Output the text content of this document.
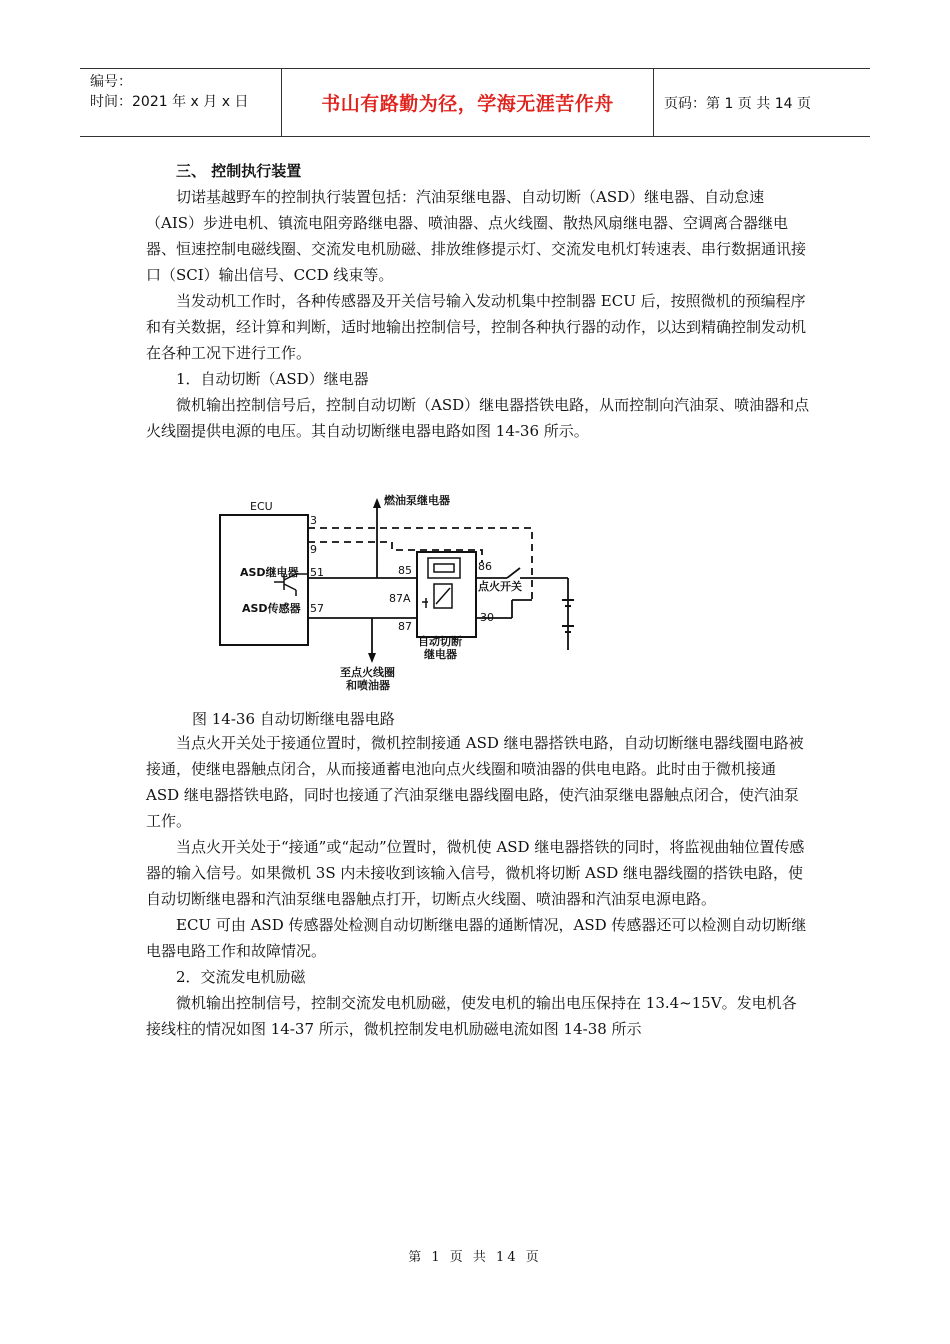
编号：
时间：2021 年 x 月 x 日	书山有路勤为径，学海无涯苦作舟	页码：第 1 页 共 14 页

三、 控制执行装置

切诺基越野车的控制执行装置包括：汽油泵继电器、自动切断（ASD）继电器、自动怠速（AIS）步进电机、镇流电阻旁路继电器、喷油器、点火线圈、散热风扇继电器、空调离合器继电器、恒速控制电磁线圈、交流发电机励磁、排放维修提示灯、交流发电机灯转速表、串行数据通讯接口（SCI）输出信号、CCD 线束等。

当发动机工作时，各种传感器及开关信号输入发动机集中控制器 ECU 后，按照微机的预编程序和有关数据，经计算和判断，适时地输出控制信号，控制各种执行器的动作，以达到精确控制发动机在各种工况下进行工作。

1．自动切断（ASD）继电器

微机输出控制信号后，控制自动切断（ASD）继电器搭铁电路，从而控制向汽油泵、喷油器和点火线圈提供电源的电压。其自动切断继电器电路如图 14-36 所示。

ECU
3
9
51
57
ASD继电器
ASD传感器
85	86
87A
87
30
点火开关
燃油泵继电器
自动切断
继电器
至点火线圈
和喷油器
图 14-36 自动切断继电器电路

当点火开关处于接通位置时，微机控制接通 ASD 继电器搭铁电路，自动切断继电器线圈电路被接通，使继电器触点闭合，从而接通蓄电池向点火线圈和喷油器的供电电路。此时由于微机接通 ASD 继电器搭铁电路，同时也接通了汽油泵继电器线圈电路，使汽油泵继电器触点闭合，使汽油泵工作。

当点火开关处于“接通”或“起动”位置时，微机使 ASD 继电器搭铁的同时，将监视曲轴位置传感器的输入信号。如果微机 3S 内未接收到该输入信号，微机将切断 ASD 继电器线圈的搭铁电路，使自动切断继电器和汽油泵继电器触点打开，切断点火线圈、喷油器和汽油泵电源电路。

ECU 可由 ASD 传感器处检测自动切断继电器的通断情况，ASD 传感器还可以检测自动切断继电器电路工作和故障情况。

2．交流发电机励磁

微机输出控制信号，控制交流发电机励磁，使发电机的输出电压保持在 13.4~15V。发电机各接线柱的情况如图 14-37 所示，微机控制发电机励磁电流如图 14-38 所示

第 1 页 共 14 页
